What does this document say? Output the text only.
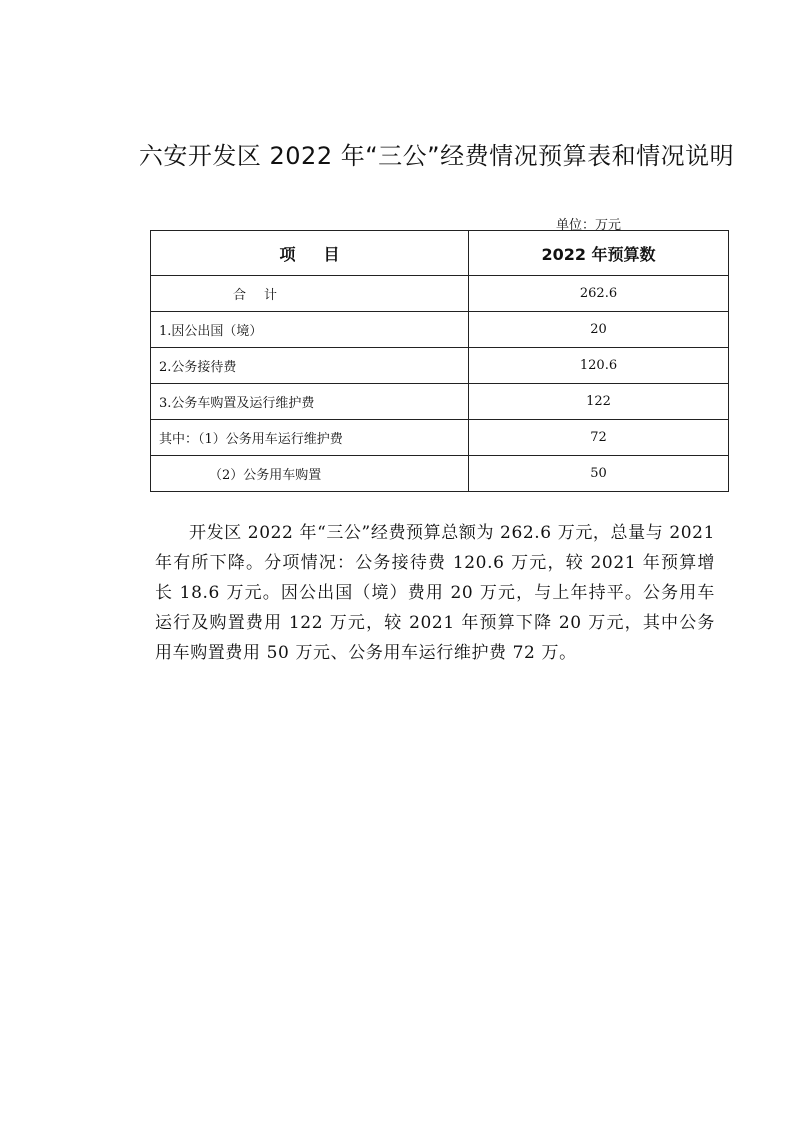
六安开发区 2022 年“三公”经费情况预算表和情况说明
单位：万元
项目	2022 年预算数
合计	262.6
1.因公出国（境）	20
2.公务接待费	120.6
3.公务车购置及运行维护费	122
其中：（1）公务用车运行维护费	72
（2）公务用车购置	50
开发区 2022 年“三公”经费预算总额为 262.6 万元，总量与 2021 年有所下降。分项情况：公务接待费 120.6 万元，较 2021 年预算增长 18.6 万元。因公出国（境）费用 20 万元，与上年持平。公务用车运行及购置费用 122 万元，较 2021 年预算下降 20 万元，其中公务用车购置费用 50 万元、公务用车运行维护费 72 万。
